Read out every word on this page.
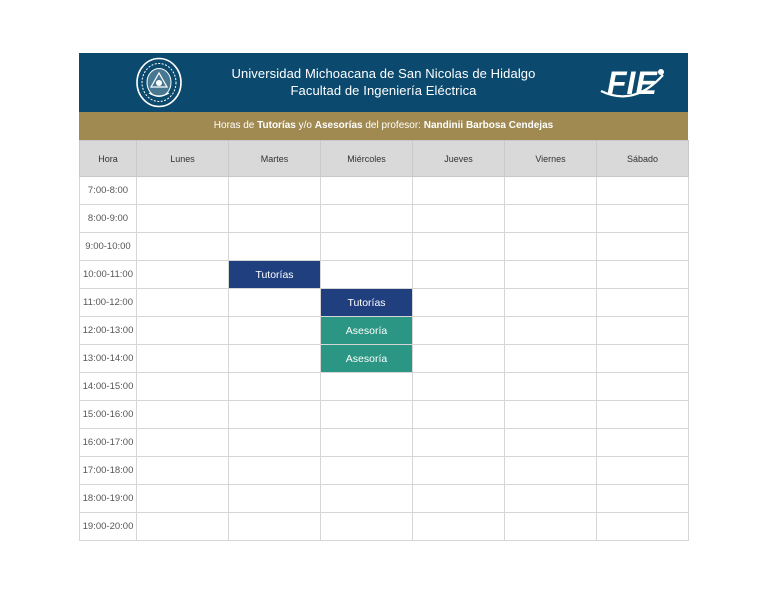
Universidad Michoacana de San Nicolas de Hidalgo
Facultad de Ingeniería Eléctrica	FIE
Horas de Tutorías y/o Asesorías del profesor: Nandinii Barbosa Cendejas
Hora	Lunes	Martes	Miércoles	Jueves	Viernes	Sábado
7:00-8:00						
8:00-9:00						
9:00-10:00						
10:00-11:00		Tutorías				
11:00-12:00			Tutorías			
12:00-13:00			Asesoría			
13:00-14:00			Asesoría			
14:00-15:00						
15:00-16:00						
16:00-17:00						
17:00-18:00						
18:00-19:00						
19:00-20:00						
